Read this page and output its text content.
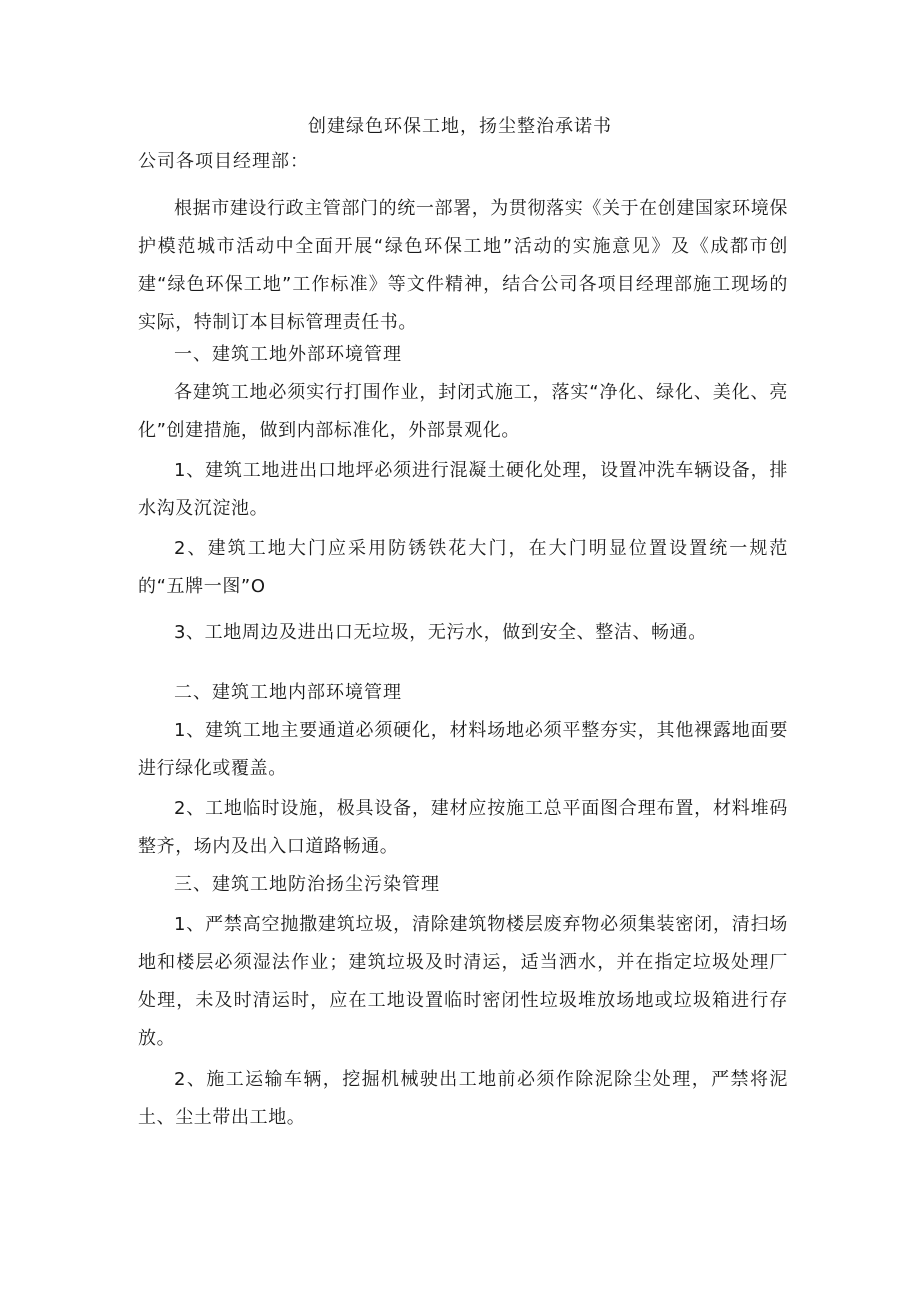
创建绿色环保工地，扬尘整治承诺书
公司各项目经理部：
根据市建设行政主管部门的统一部署，为贯彻落实《关于在创建国家环境保护模范城市活动中全面开展“绿色环保工地”活动的实施意见》及《成都市创建“绿色环保工地”工作标准》等文件精神，结合公司各项目经理部施工现场的实际，特制订本目标管理责任书。
一、建筑工地外部环境管理
各建筑工地必须实行打围作业，封闭式施工，落实“净化、绿化、美化、亮化”创建措施，做到内部标准化，外部景观化。
1、建筑工地进出口地坪必须进行混凝土硬化处理，设置冲洗车辆设备，排水沟及沉淀池。
2、建筑工地大门应采用防锈铁花大门，在大门明显位置设置统一规范的“五牌一图”O
3、工地周边及进出口无垃圾，无污水，做到安全、整洁、畅通。
二、建筑工地内部环境管理
1、建筑工地主要通道必须硬化，材料场地必须平整夯实，其他裸露地面要进行绿化或覆盖。
2、工地临时设施，极具设备，建材应按施工总平面图合理布置，材料堆码整齐，场内及出入口道路畅通。
三、建筑工地防治扬尘污染管理
1、严禁高空抛撒建筑垃圾，清除建筑物楼层废弃物必须集装密闭，清扫场地和楼层必须湿法作业；建筑垃圾及时清运，适当洒水，并在指定垃圾处理厂处理，未及时清运时，应在工地设置临时密闭性垃圾堆放场地或垃圾箱进行存放。
2、施工运输车辆，挖掘机械驶出工地前必须作除泥除尘处理，严禁将泥土、尘土带出工地。
